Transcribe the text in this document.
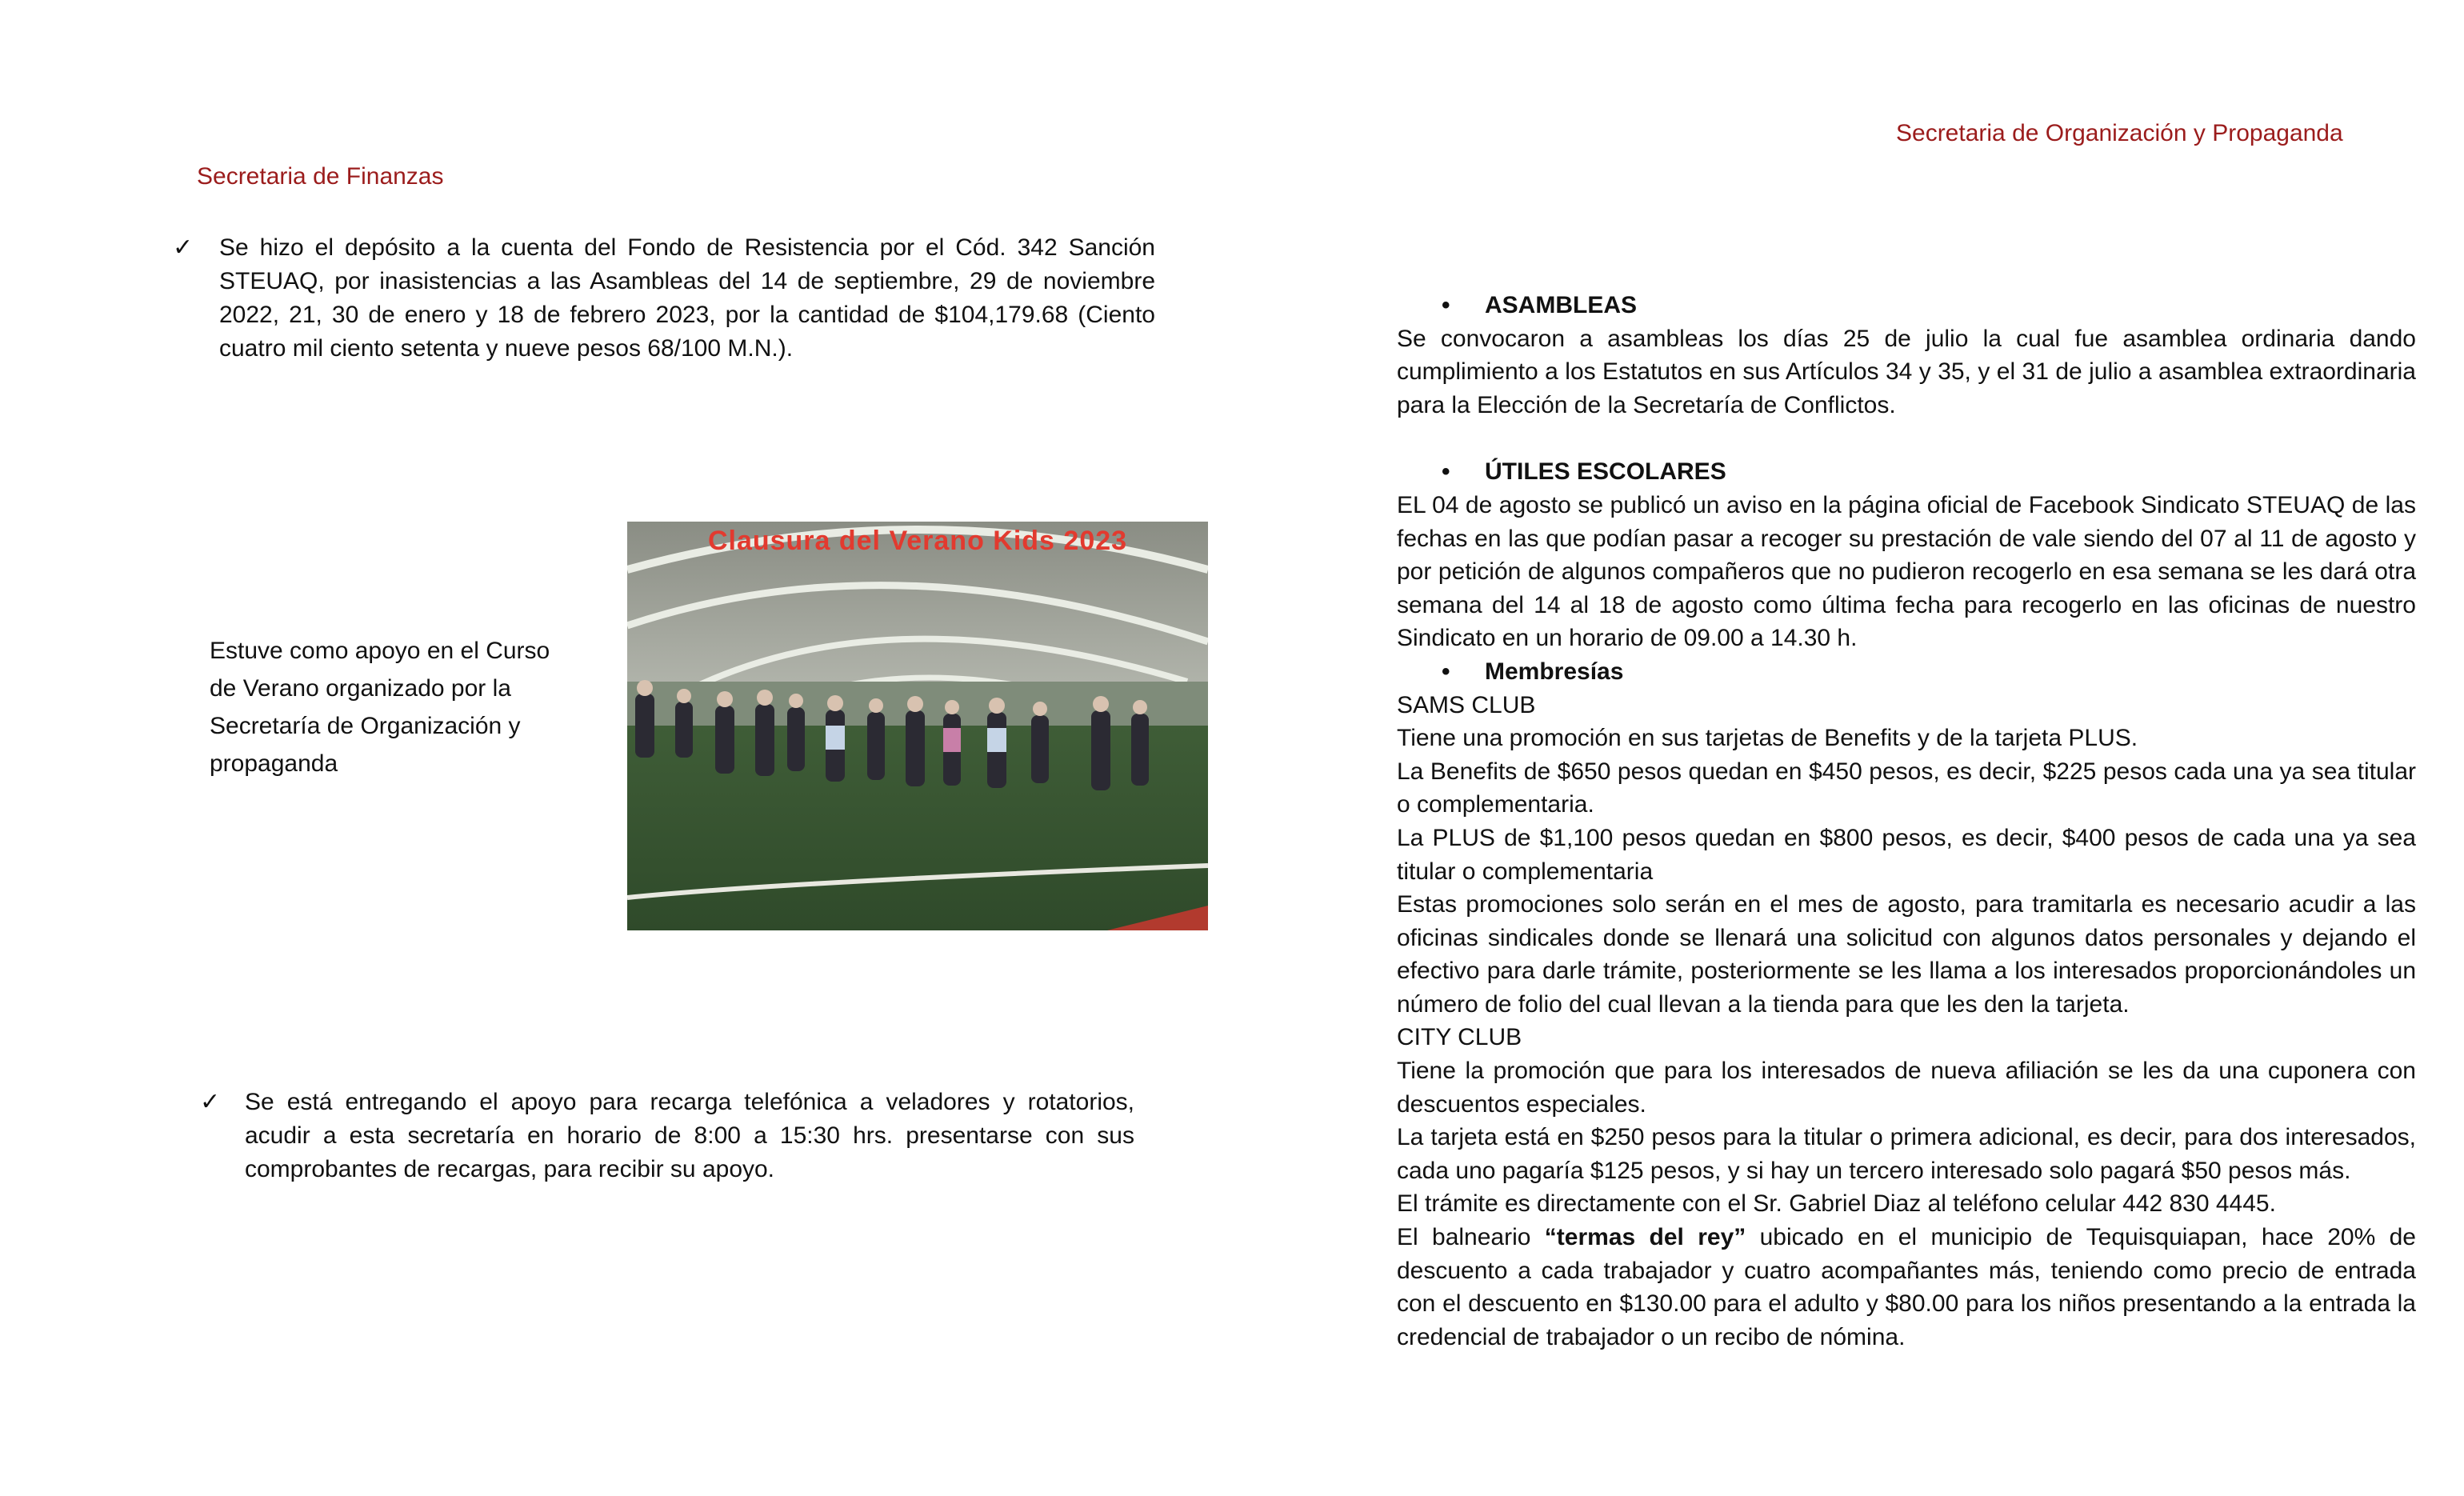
Secretaria de Finanzas
✓ Se hizo el depósito a la cuenta del Fondo de Resistencia por el Cód. 342 Sanción STEUAQ, por inasistencias a las Asambleas del 14 de septiembre, 29 de noviembre 2022, 21, 30 de enero y 18 de febrero 2023, por la cantidad de $104,179.68 (Ciento cuatro mil ciento setenta y nueve pesos 68/100 M.N.).
Estuve como apoyo en el Curso de Verano organizado por la Secretaría de Organización y propaganda
Clausura del Verano Kids 2023
✓ Se está entregando el apoyo para recarga telefónica a veladores y rotatorios, acudir a esta secretaría en horario de 8:00 a 15:30 hrs. presentarse con sus comprobantes de recargas, para recibir su apoyo.
Secretaria de Organización y Propaganda

• ASAMBLEAS

Se convocaron a asambleas los días 25 de julio la cual fue asamblea ordinaria dando cumplimiento a los Estatutos en sus Artículos 34 y 35, y el 31 de julio a asamblea extraordinaria para la Elección de la Secretaría de Conflictos.

• ÚTILES ESCOLARES

EL 04 de agosto se publicó un aviso en la página oficial de Facebook Sindicato STEUAQ de las fechas en las que podían pasar a recoger su prestación de vale siendo del 07 al 11 de agosto y por petición de algunos compañeros que no pudieron recogerlo en esa semana se les dará otra semana del 14 al 18 de agosto como última fecha para recogerlo en las oficinas de nuestro Sindicato en un horario de 09.00 a 14.30 h.

• Membresías

SAMS CLUB

Tiene una promoción en sus tarjetas de Benefits y de la tarjeta PLUS.

La Benefits de $650 pesos quedan en $450 pesos, es decir, $225 pesos cada una ya sea titular o complementaria.

La PLUS de $1,100 pesos quedan en $800 pesos, es decir, $400 pesos de cada una ya sea titular o complementaria

Estas promociones solo serán en el mes de agosto, para tramitarla es necesario acudir a las oficinas sindicales donde se llenará una solicitud con algunos datos personales y dejando el efectivo para darle trámite, posteriormente se les llama a los interesados proporcionándoles un número de folio del cual llevan a la tienda para que les den la tarjeta.

CITY CLUB

Tiene la promoción que para los interesados de nueva afiliación se les da una cuponera con descuentos especiales.

La tarjeta está en $250 pesos para la titular o primera adicional, es decir, para dos interesados, cada uno pagaría $125 pesos, y si hay un tercero interesado solo pagará $50 pesos más.

El trámite es directamente con el Sr. Gabriel Diaz al teléfono celular 442 830 4445.

El balneario “termas del rey” ubicado en el municipio de Tequisquiapan, hace 20% de descuento a cada trabajador y cuatro acompañantes más, teniendo como precio de entrada con el descuento en $130.00 para el adulto y $80.00 para los niños presentando a la entrada la credencial de trabajador o un recibo de nómina.
